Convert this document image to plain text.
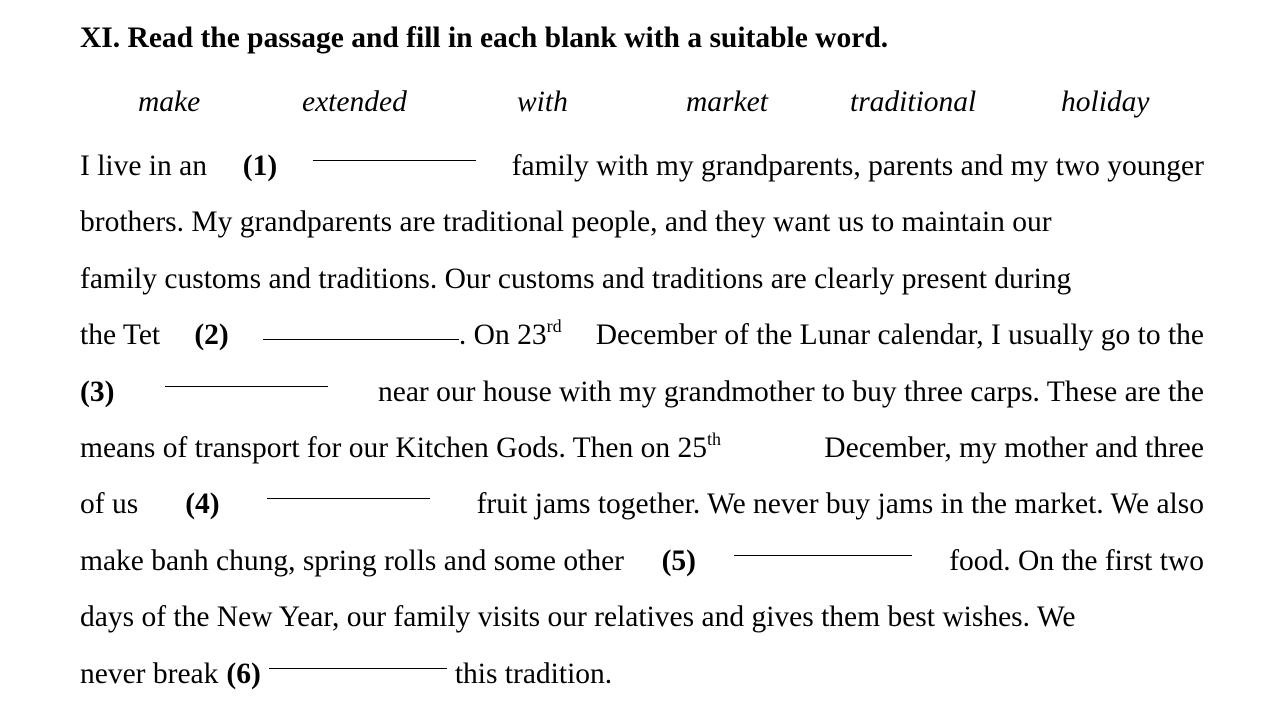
XI. Read the passage and fill in each blank with a suitable word.
make	extended	with	market	traditional	holiday
I live in an (1)	family with my grandparents, parents and my two younger
brothers. My grandparents are traditional people, and they want us to maintain our
family customs and traditions. Our customs and traditions are clearly present during
the Tet (2)	. On 23rd December of the Lunar calendar, I usually go to the
(3)	near our house with my grandmother to buy three carps. These are the
means of transport for our Kitchen Gods. Then on 25th	December, my mother and three
of us (4)	fruit jams together. We never buy jams in the market. We also
make banh chung, spring rolls and some other (5)	food. On the first two
days of the New Year, our family visits our relatives and gives them best wishes. We
never break (6)	this tradition.
